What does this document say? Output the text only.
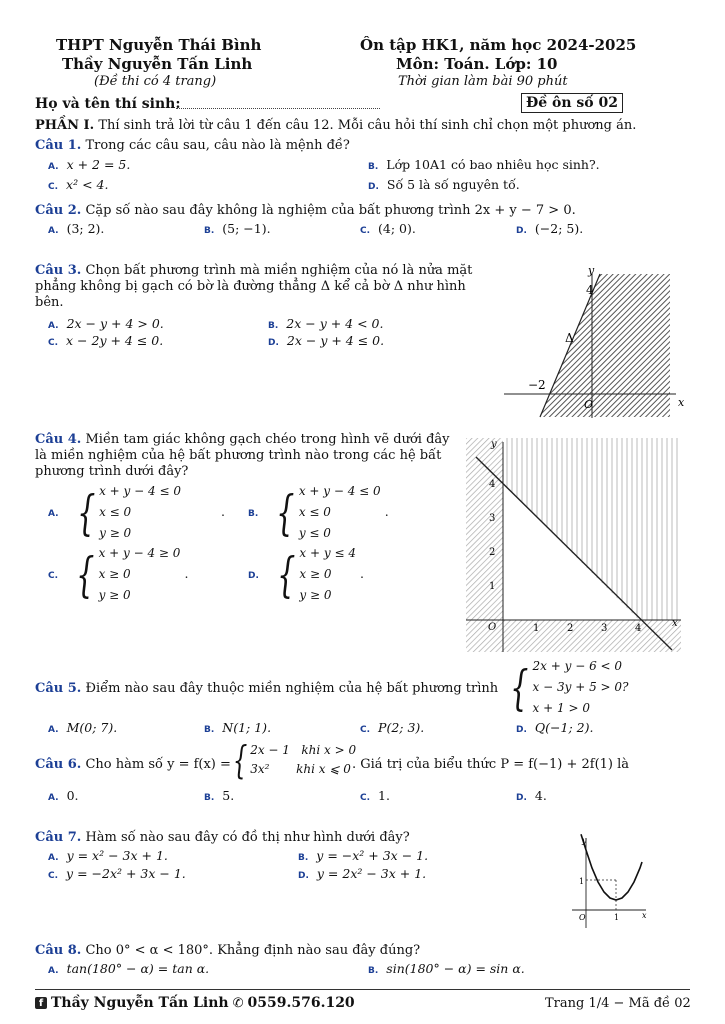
THPT Nguyễn Thái Bình
Thầy Nguyễn Tấn Linh
(Đề thi có 4 trang)
Ôn tập HK1, năm học 2024-2025
Môn: Toán. Lớp: 10
Thời gian làm bài 90 phút
Họ và tên thí sinh:	Đề ôn số 02
PHẦN I. Thí sinh trả lời từ câu 1 đến câu 12. Mỗi câu hỏi thí sinh chỉ chọn một phương án.
Câu 1. Trong các câu sau, câu nào là mệnh đề?
A. x + 2 = 5.	B. Lớp 10A1 có bao nhiêu học sinh?.
C. x² < 4.	D. Số 5 là số nguyên tố.
Câu 2. Cặp số nào sau đây không là nghiệm của bất phương trình 2x + y − 7 > 0.
A. (3; 2).	B. (5; −1).	C. (4; 0).	D. (−2; 5).
Câu 3. Chọn bất phương trình mà miền nghiệm của nó là nửa mặt
phẳng không bị gạch có bờ là đường thẳng Δ kể cả bờ Δ như hình
bên.
A. 2x − y + 4 > 0.	B. 2x − y + 4 < 0.
C. x − 2y + 4 ≤ 0.	D. 2x − y + 4 ≤ 0.
y
x
4
−2
O
Δ
Câu 4. Miền tam giác không gạch chéo trong hình vẽ dưới đây
là miền nghiệm của hệ bất phương trình nào trong các hệ bất
phương trình dưới đây?
A. { x + y − 4 ≤ 0
x ≤ 0
y ≥ 0
.	B. { x + y − 4 ≤ 0
x ≤ 0
y ≤ 0
.
C. { x + y − 4 ≥ 0
x ≥ 0
y ≥ 0
.	D. { x + y ≤ 4
x ≥ 0
y ≥ 0
.
y
x
O	1	2	3	4
1
2
3
4
Câu 5. Điểm nào sau đây thuộc miền nghiệm của hệ bất phương trình { 2x + y − 6 < 0
x − 3y + 5 > 0?
x + 1 > 0
A. M(0; 7).	B. N(1; 1).	C. P(2; 3).	D. Q(−1; 2).
Câu 6. Cho hàm số y = f(x) = { 2x − 1   khi x > 0
3x²       khi x ⩽ 0 . Giá trị của biểu thức P = f(−1) + 2f(1) là
A. 0.	B. 5.	C. 1.	D. 4.
Câu 7. Hàm số nào sau đây có đồ thị như hình dưới đây?
A. y = x² − 3x + 1.	B. y = −x² + 3x − 1.
C. y = −2x² + 3x − 1.	D. y = 2x² − 3x + 1.
y
x
O	1
1
Câu 8. Cho 0° < α < 180°. Khẳng định nào sau đây đúng?
A. tan(180° − α) = tan α.	B. sin(180° − α) = sin α.
f Thầy Nguyễn Tấn Linh ✆ 0559.576.120	Trang 1/4 − Mã đề 02
